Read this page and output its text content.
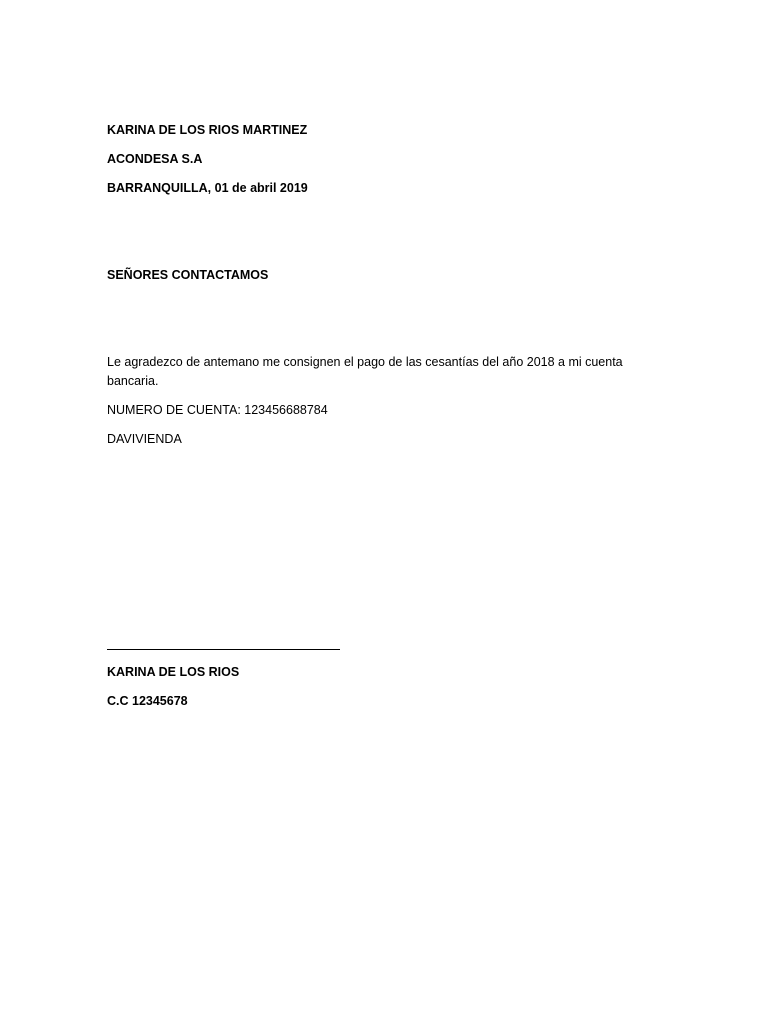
KARINA DE LOS RIOS MARTINEZ

ACONDESA S.A

BARRANQUILLA, 01 de abril 2019

SEÑORES CONTACTAMOS

Le agradezco de antemano me consignen el pago de las cesantías del año 2018 a mi cuenta bancaria.

NUMERO DE CUENTA: 123456688784

DAVIVIENDA

KARINA DE LOS RIOS

C.C 12345678
